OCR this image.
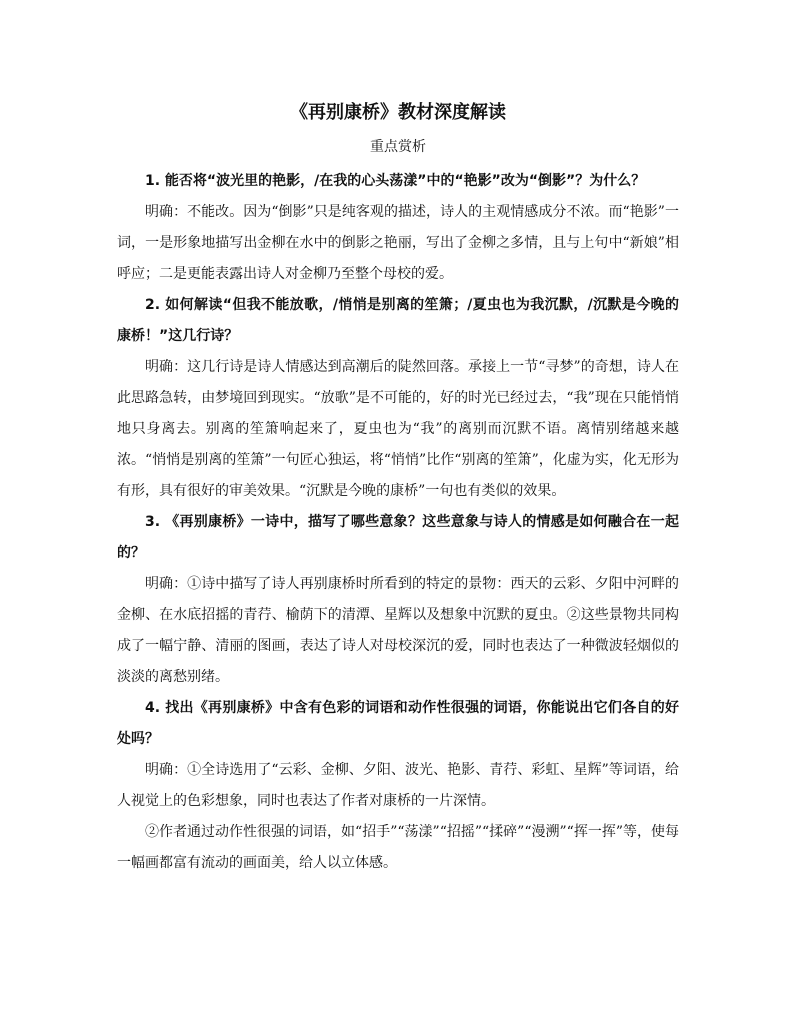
《再别康桥》教材深度解读

重点赏析

1. 能否将“波光里的艳影，/在我的心头荡漾”中的“艳影”改为“倒影”？为什么？

明确：不能改。因为“倒影”只是纯客观的描述，诗人的主观情感成分不浓。而“艳影”一词，一是形象地描写出金柳在水中的倒影之艳丽，写出了金柳之多情，且与上句中“新娘”相呼应；二是更能表露出诗人对金柳乃至整个母校的爱。

2. 如何解读“但我不能放歌，/悄悄是别离的笙箫；/夏虫也为我沉默，/沉默是今晚的康桥！”这几行诗？

明确：这几行诗是诗人情感达到高潮后的陡然回落。承接上一节“寻梦”的奇想，诗人在此思路急转，由梦境回到现实。“放歌”是不可能的，好的时光已经过去，“我”现在只能悄悄地只身离去。别离的笙箫响起来了，夏虫也为“我”的离别而沉默不语。离情别绪越来越浓。“悄悄是别离的笙箫”一句匠心独运，将“悄悄”比作“别离的笙箫”，化虚为实，化无形为有形，具有很好的审美效果。“沉默是今晚的康桥”一句也有类似的效果。

3. 《再别康桥》一诗中，描写了哪些意象？这些意象与诗人的情感是如何融合在一起的？

明确：①诗中描写了诗人再别康桥时所看到的特定的景物：西天的云彩、夕阳中河畔的金柳、在水底招摇的青荇、榆荫下的清潭、星辉以及想象中沉默的夏虫。②这些景物共同构成了一幅宁静、清丽的图画，表达了诗人对母校深沉的爱，同时也表达了一种微波轻烟似的淡淡的离愁别绪。

4. 找出《再别康桥》中含有色彩的词语和动作性很强的词语，你能说出它们各自的好处吗？

明确：①全诗选用了“云彩、金柳、夕阳、波光、艳影、青荇、彩虹、星辉”等词语，给人视觉上的色彩想象，同时也表达了作者对康桥的一片深情。

②作者通过动作性很强的词语，如“招手”“荡漾”“招摇”“揉碎”“漫溯”“挥一挥”等，使每一幅画都富有流动的画面美，给人以立体感。
